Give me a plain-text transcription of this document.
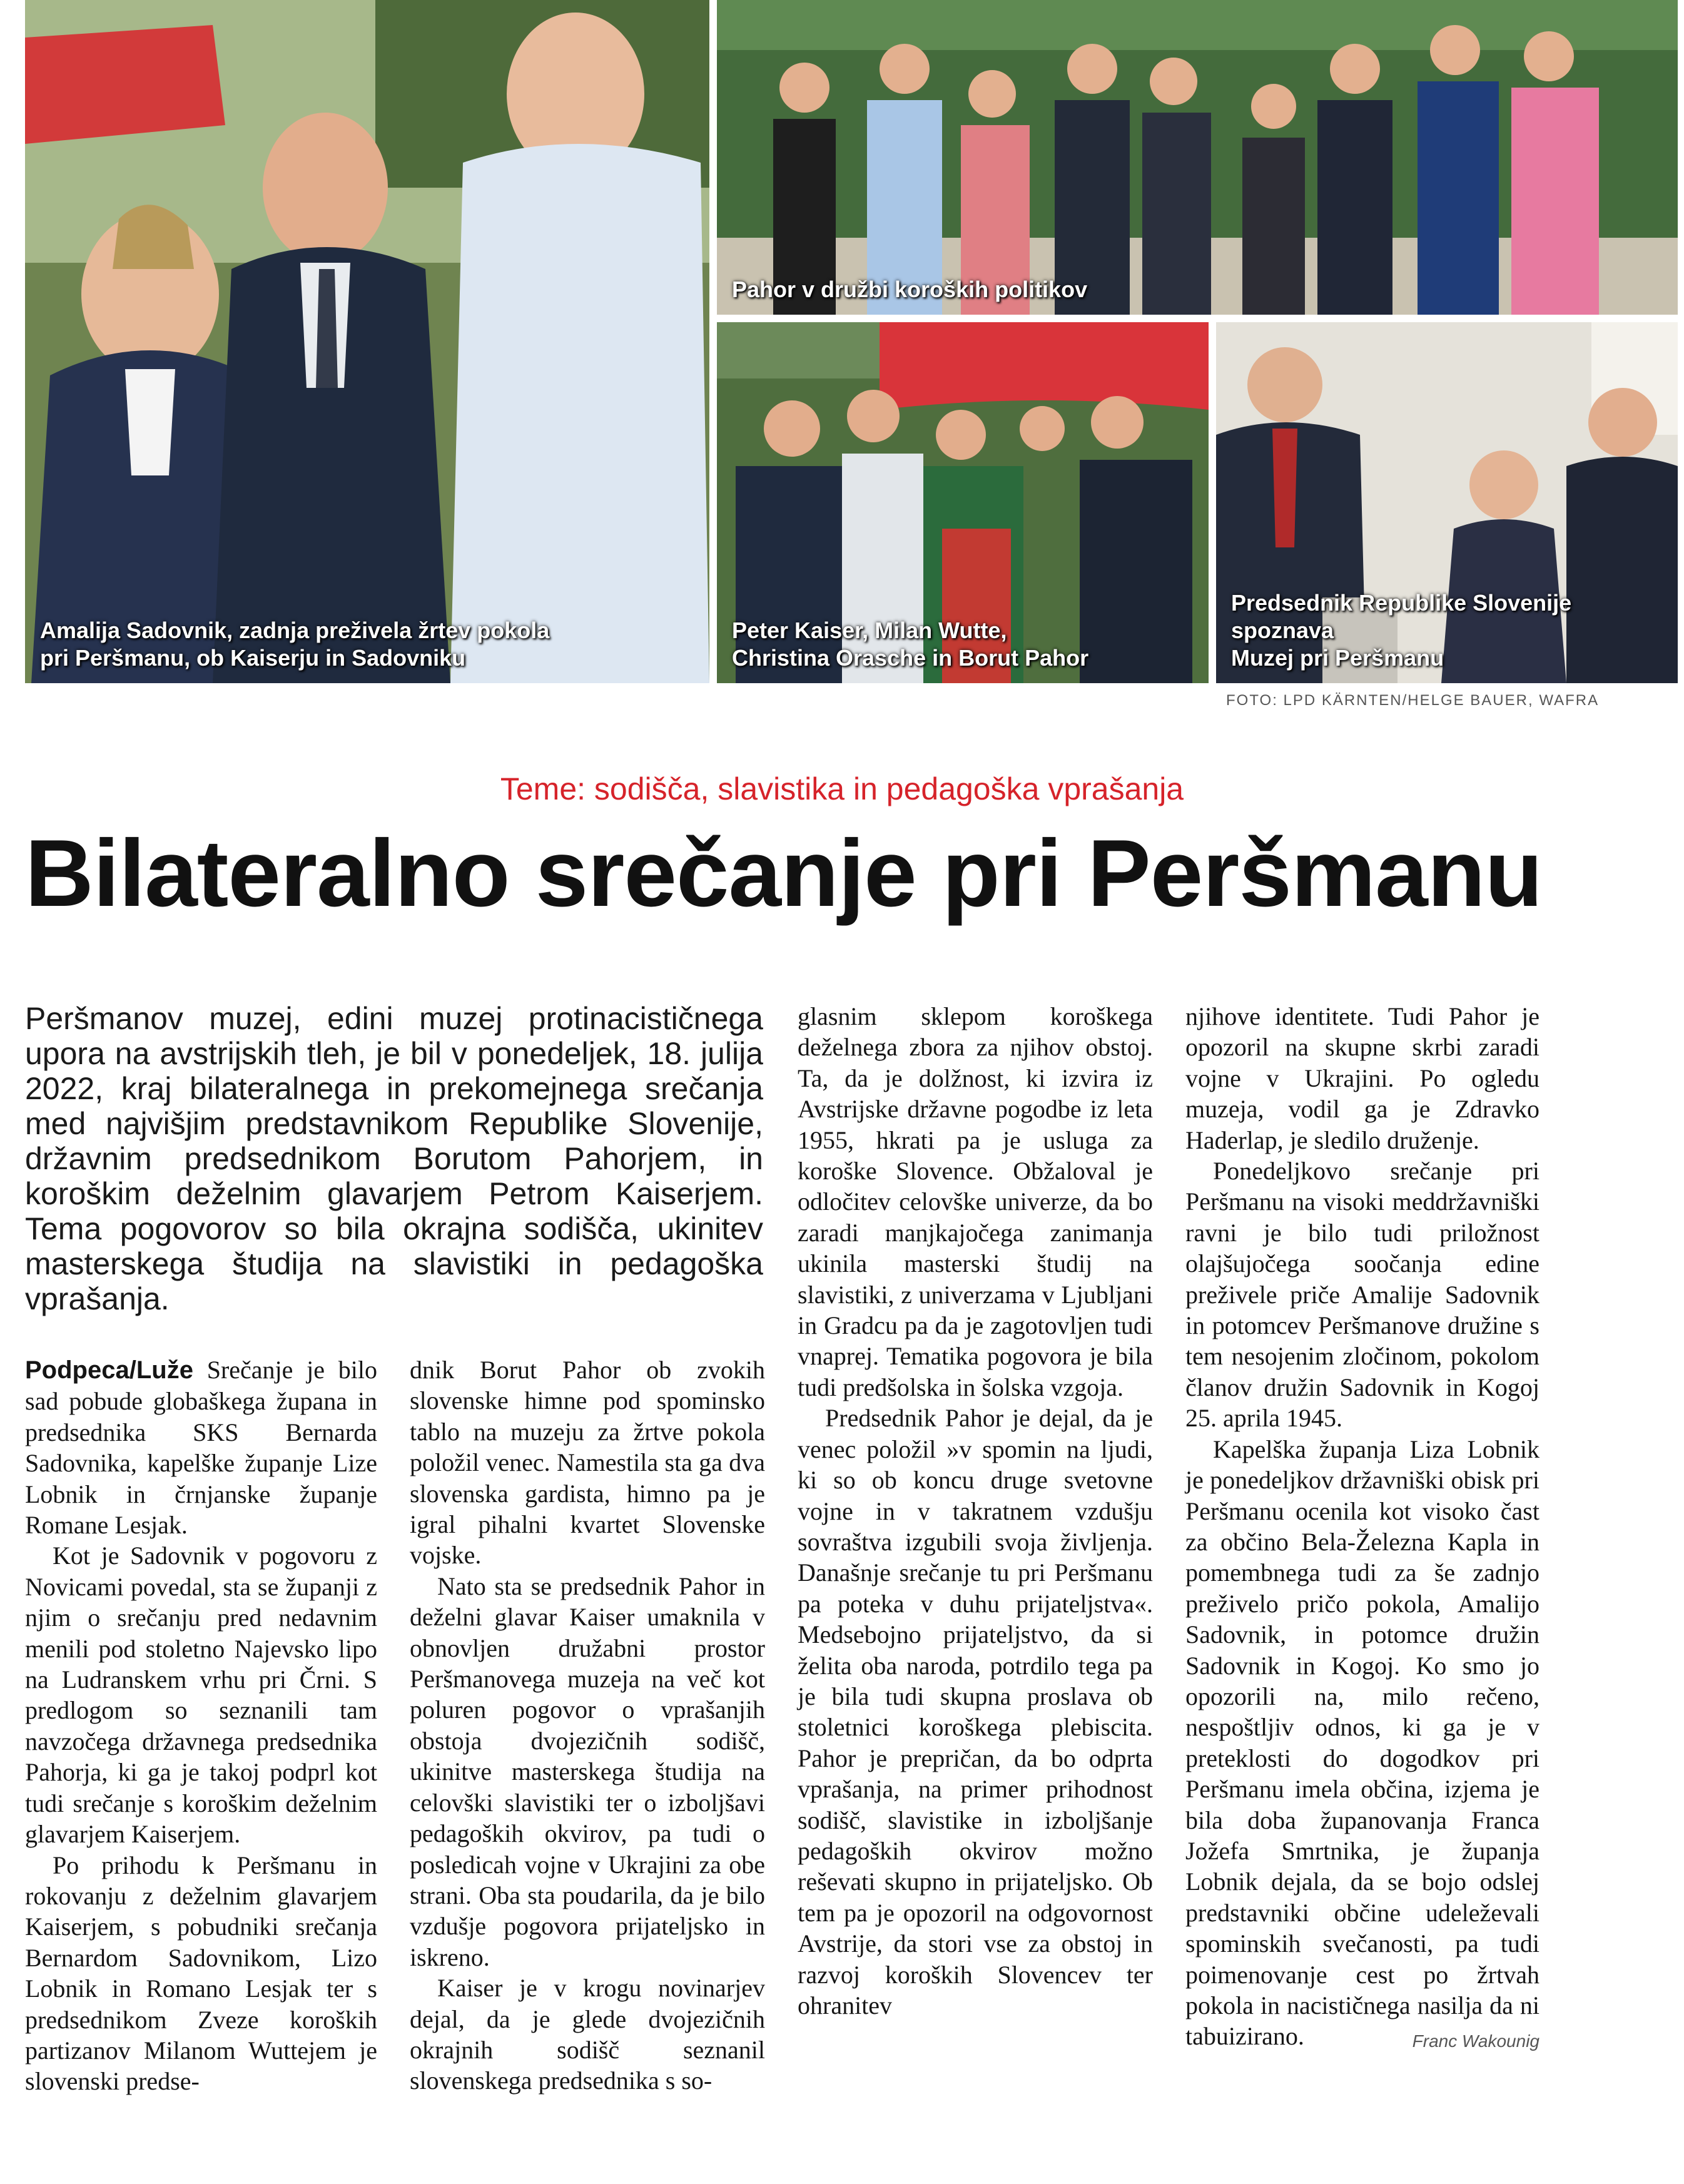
Amalija Sadovnik, zadnja preživela žrtev pokola
pri Peršmanu, ob Kaiserju in Sadovniku
Pahor v družbi koroških politikov
Peter Kaiser, Milan Wutte,
Christina Orasche in Borut Pahor
Predsednik Republike Slovenije spoznava
Muzej pri Peršmanu
FOTO: LPD KÄRNTEN/HELGE BAUER, WAFRA
Teme: sodišča, slavistika in pedagoška vprašanja
Bilateralno srečanje pri Peršmanu
Peršmanov muzej, edini muzej protinacističnega upora na avstrijskih tleh, je bil v ponedeljek, 18. julija 2022, kraj bilateralnega in prekomejnega srečanja med najvišjim predstavnikom Republike Slovenije, državnim predsednikom Borutom Pahorjem, in koroškim deželnim glavarjem Petrom Kaiserjem. Tema pogovorov so bila okrajna sodišča, ukinitev masterskega študija na slavistiki in pedagoška vprašanja.

Podpeca/Luže Srečanje je bilo sad pobude globaškega župana in predsednika SKS Bernarda Sadovnika, kapelške županje Lize Lobnik in črnjanske županje Romane Lesjak.

Kot je Sadovnik v pogovoru z Novicami povedal, sta se županji z njim o srečanju pred nedavnim menili pod stoletno Najevsko lipo na Ludranskem vrhu pri Črni. S predlogom so seznanili tam navzočega državnega predsednika Pahorja, ki ga je takoj podprl kot tudi srečanje s koroškim deželnim glavarjem Kaiserjem.

Po prihodu k Peršmanu in rokovanju z deželnim glavarjem Kaiserjem, s pobudniki srečanja Bernardom Sadovnikom, Lizo Lobnik in Romano Lesjak ter s predsednikom Zveze koroških partizanov Milanom Wuttejem je slovenski predse-

dnik Borut Pahor ob zvokih slovenske himne pod spominsko tablo na muzeju za žrtve pokola položil venec. Namestila sta ga dva slovenska gardista, himno pa je igral pihalni kvartet Slovenske vojske.

Nato sta se predsednik Pahor in deželni glavar Kaiser umaknila v obnovljen družabni prostor Peršmanovega muzeja na več kot poluren pogovor o vprašanjih obstoja dvojezičnih sodišč, ukinitve masterskega študija na celovški slavistiki ter o izboljšavi pedagoških okvirov, pa tudi o posledicah vojne v Ukrajini za obe strani. Oba sta poudarila, da je bilo vzdušje pogovora prijateljsko in iskreno.

Kaiser je v krogu novinarjev dejal, da je glede dvojezičnih okrajnih sodišč seznanil slovenskega predsednika s so-

glasnim sklepom koroškega deželnega zbora za njihov obstoj. Ta, da je dolžnost, ki izvira iz Avstrijske državne pogodbe iz leta 1955, hkrati pa je usluga za koroške Slovence. Obžaloval je odločitev celovške univerze, da bo zaradi manjkajočega zanimanja ukinila masterski študij na slavistiki, z univerzama v Ljubljani in Gradcu pa da je zagotovljen tudi vnaprej. Tematika pogovora je bila tudi predšolska in šolska vzgoja.

Predsednik Pahor je dejal, da je venec položil »v spomin na ljudi, ki so ob koncu druge svetovne vojne in v takratnem vzdušju sovraštva izgubili svoja življenja. Današnje srečanje tu pri Peršmanu pa poteka v duhu prijateljstva«. Medsebojno prijateljstvo, da si želita oba naroda, potrdilo tega pa je bila tudi skupna proslava ob stoletnici koroškega plebiscita. Pahor je prepričan, da bo odprta vprašanja, na primer prihodnost sodišč, slavistike in izboljšanje pedagoških okvirov možno reševati skupno in prijateljsko. Ob tem pa je opozoril na odgovornost Avstrije, da stori vse za obstoj in razvoj koroških Slovencev ter ohranitev

njihove identitete. Tudi Pahor je opozoril na skupne skrbi zaradi vojne v Ukrajini. Po ogledu muzeja, vodil ga je Zdravko Haderlap, je sledilo druženje.

Ponedeljkovo srečanje pri Peršmanu na visoki meddržavniški ravni je bilo tudi priložnost olajšujočega soočanja edine preživele priče Amalije Sadovnik in potomcev Peršmanove družine s tem nesojenim zločinom, pokolom članov družin Sadovnik in Kogoj 25. aprila 1945.

Kapelška županja Liza Lobnik je ponedeljkov državniški obisk pri Peršmanu ocenila kot visoko čast za občino Bela-Železna Kapla in pomembnega tudi za še zadnjo preživelo pričo pokola, Amalijo Sadovnik, in potomce družin Sadovnik in Kogoj. Ko smo jo opozorili na, milo rečeno, nespoštljiv odnos, ki ga je v preteklosti do dogodkov pri Peršmanu imela občina, izjema je bila doba županovanja Franca Jožefa Smrtnika, je županja Lobnik dejala, da se bojo odslej predstavniki občine udeleževali spominskih svečanosti, pa tudi poimenovanje cest po žrtvah pokola in nacističnega nasilja da ni tabuizirano.	Franc Wakounig
